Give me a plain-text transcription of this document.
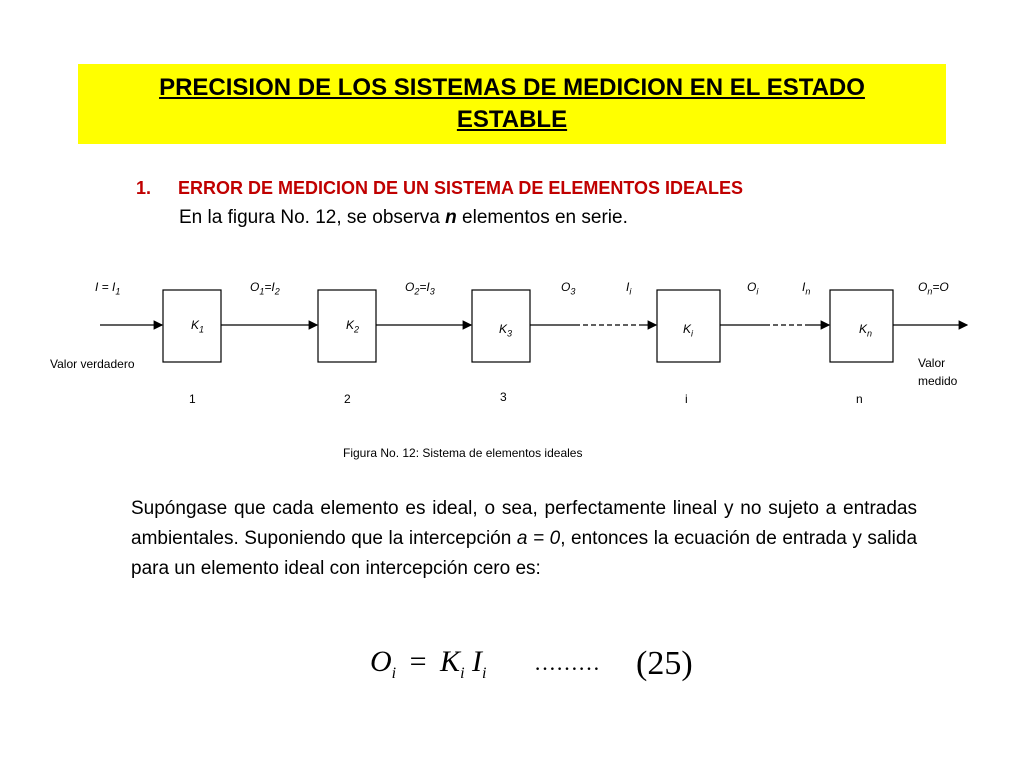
PRECISION DE LOS SISTEMAS DE MEDICION EN EL ESTADO
ESTABLE
1. ERROR DE MEDICION DE UN SISTEMA DE ELEMENTOS IDEALES
En la figura No. 12, se observa n elementos en serie.
$I = I_1$	$O_1=I_2$	$O_2=I_3$	$O_3$	$I_i$	$O_i$	$I_n$	$O_n=O$
$K_1$	$K_2$	$K_3$	$K_i$	$K_n$
1	2	3	i	n
Valor verdadero	Valor
medido
Figura No. 12: Sistema de elementos ideales
Supóngase que cada elemento es ideal, o sea, perfectamente lineal y no sujeto a entradas ambientales. Suponiendo que la intercepción a = 0, entonces la ecuación de entrada y salida para un elemento ideal con intercepción cero es:
$O_i = K_i$ $I_i$ ……… (25)
